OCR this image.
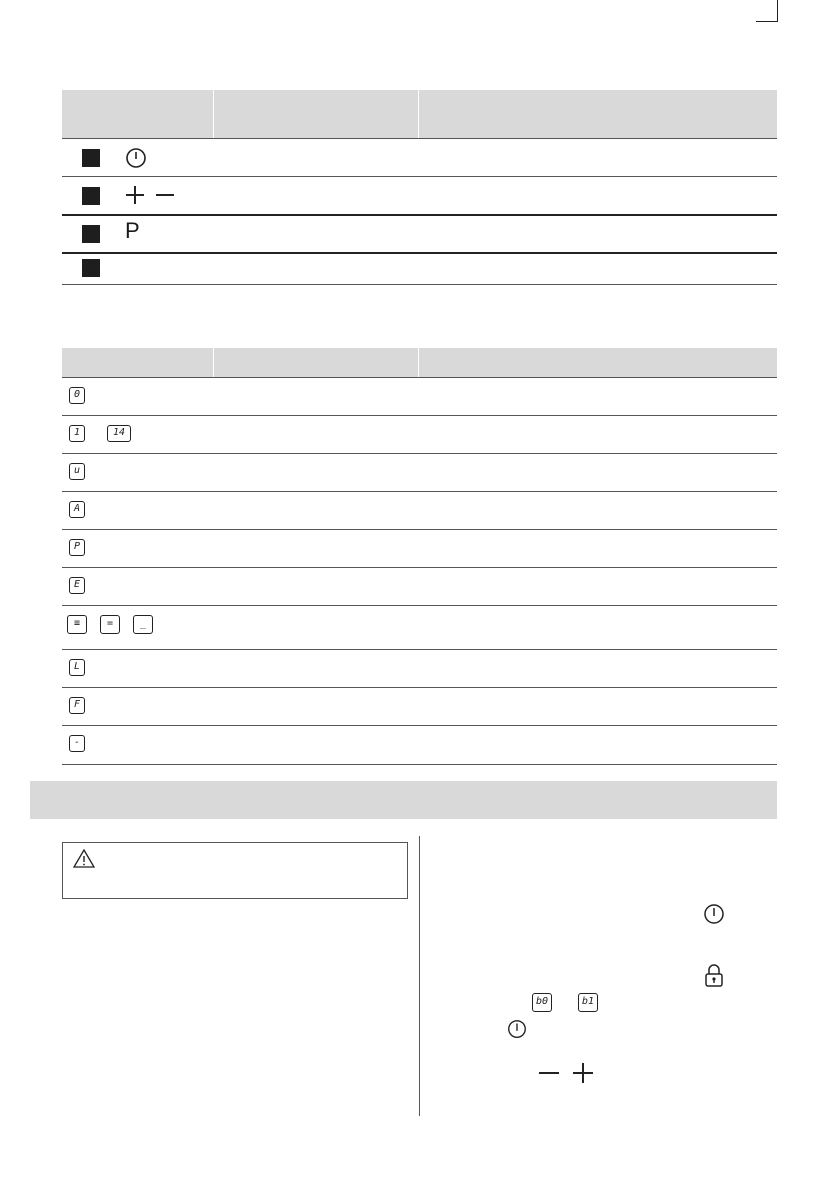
P
0
1	14
u
A
P
E
≡	=	_
L
F
-
b0	b1
